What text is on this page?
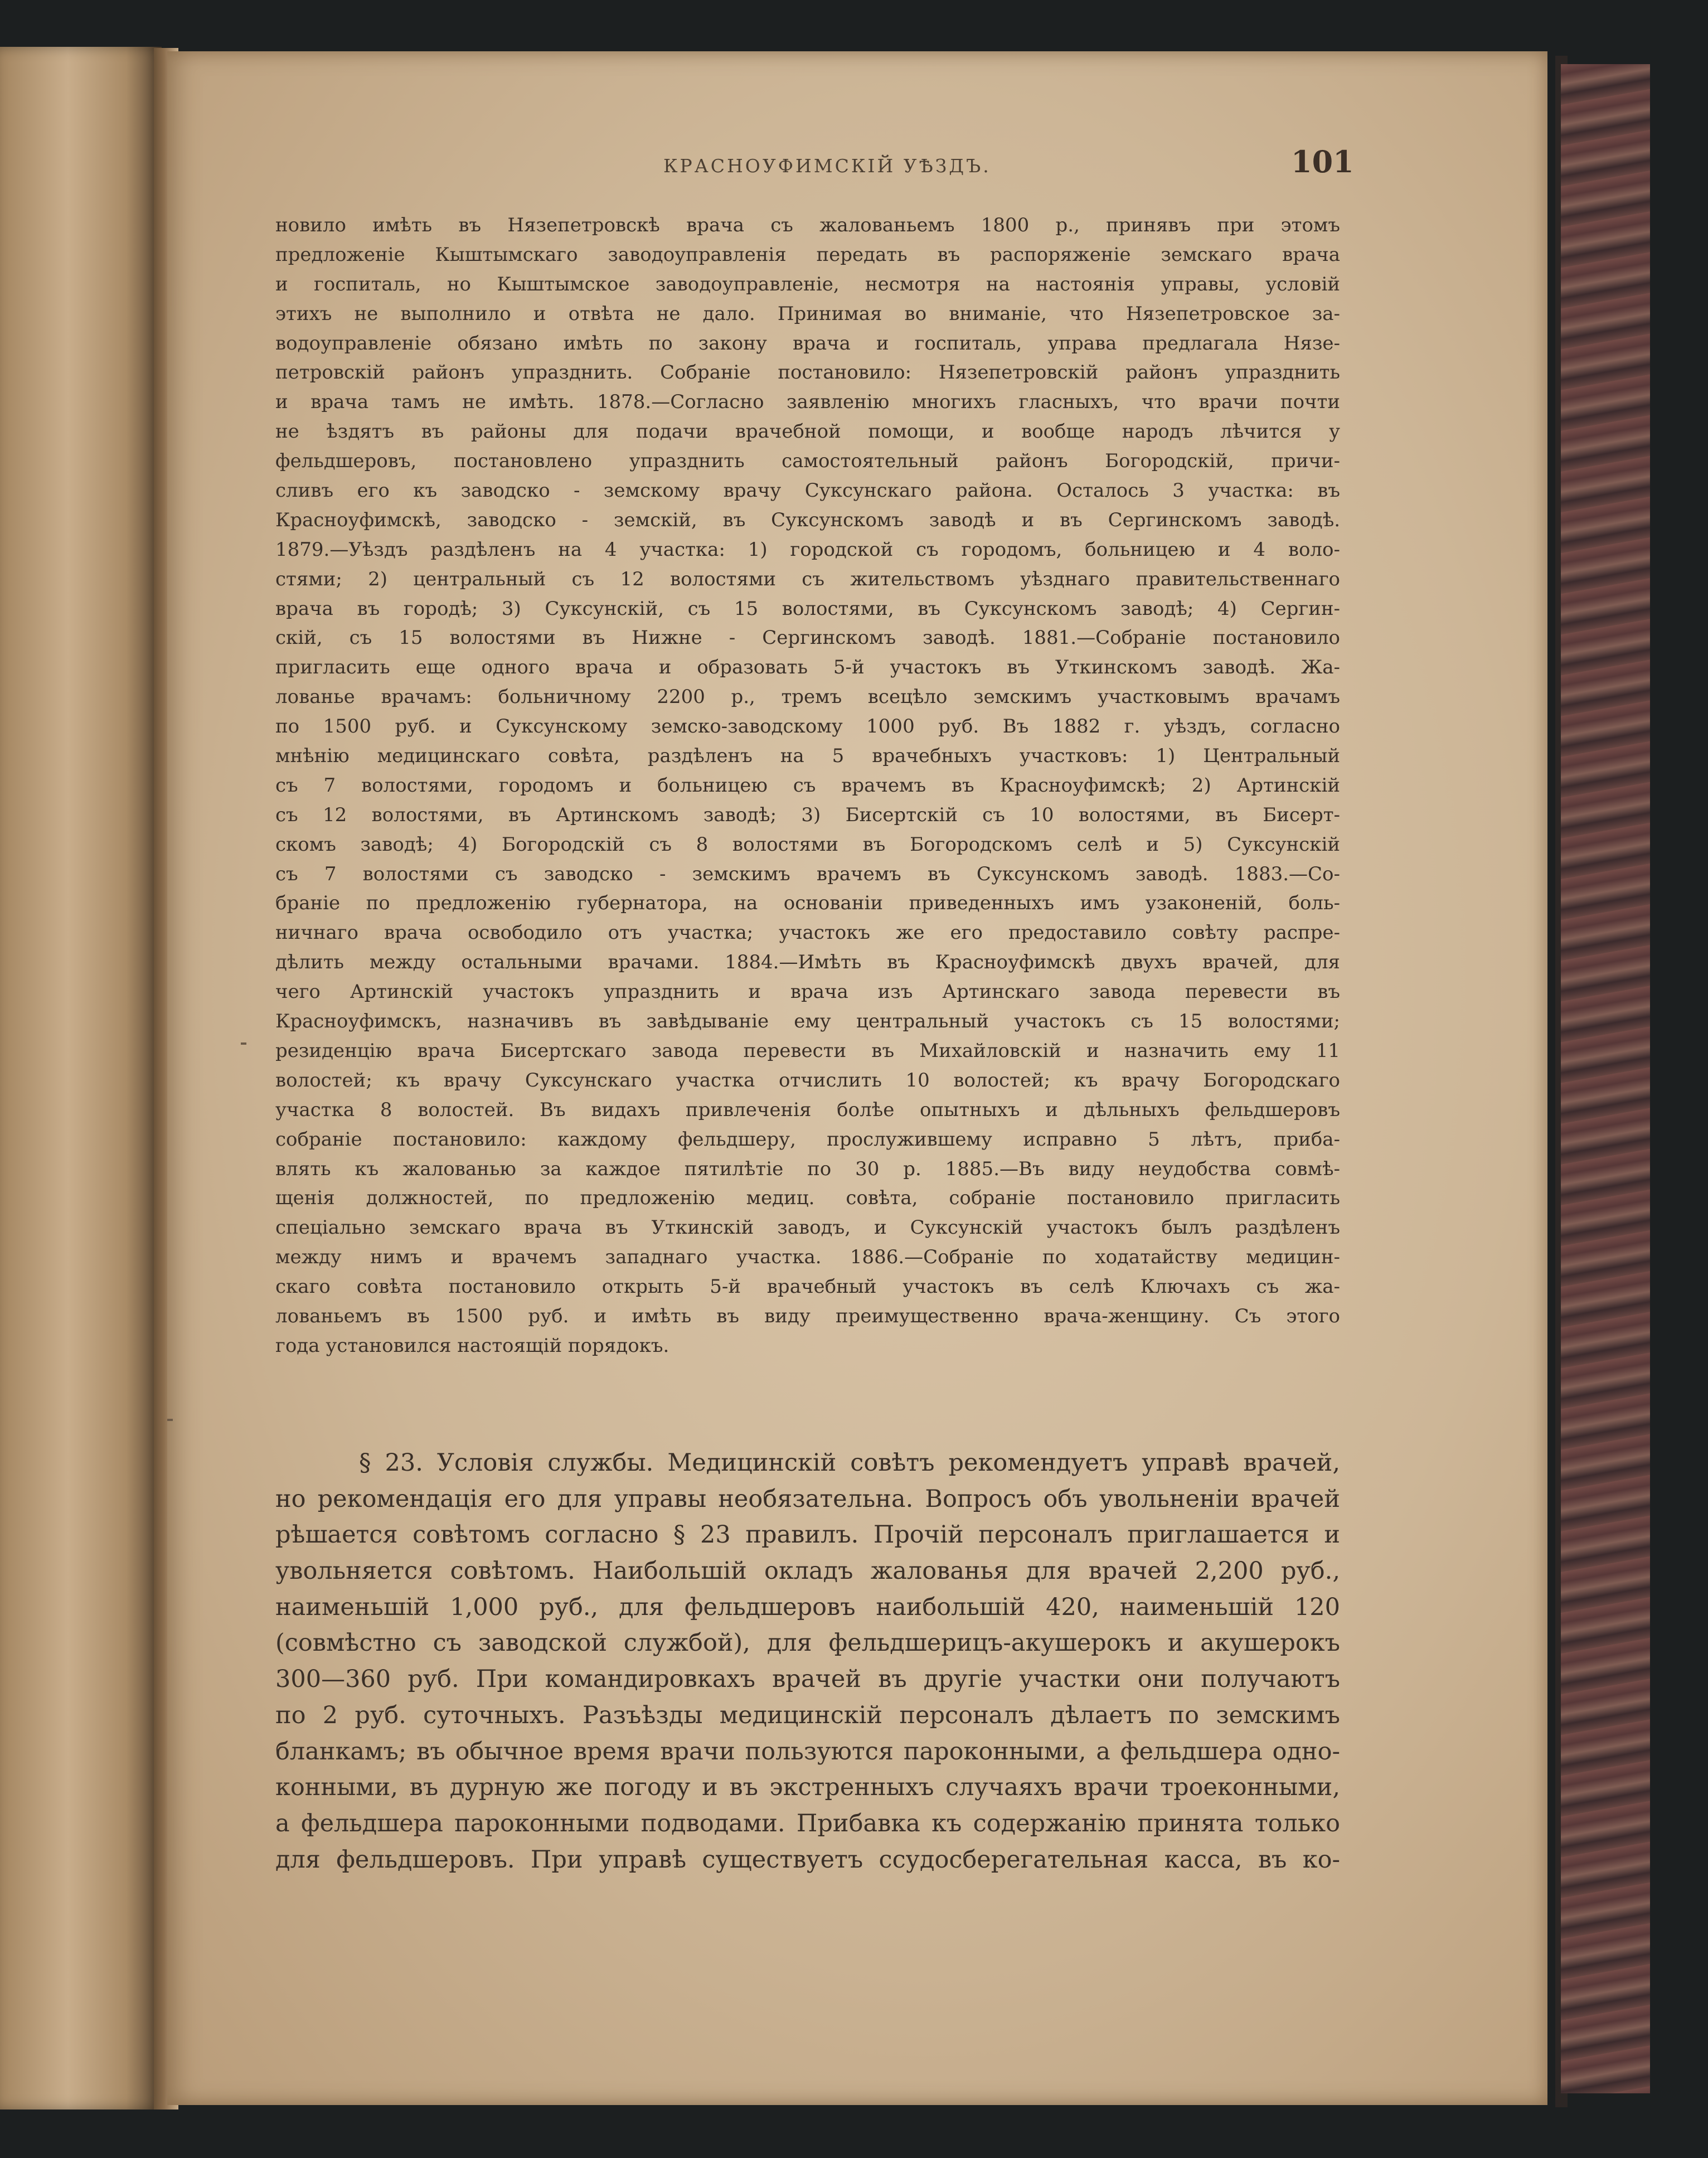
КРАСНОУФИМСКІЙ УѢЗДЪ.	101
новило имѣть въ Нязепетровскѣ врача съ жалованьемъ 1800 р., принявъ при этомъ
предложеніе Кыштымскаго заводоуправленія передать въ распоряженіе земскаго врача
и госпиталь, но Кыштымское заводоуправленіе, несмотря на настоянія управы, условій
этихъ не выполнило и отвѣта не дало. Принимая во вниманіе, что Нязепетровское за-
водоуправленіе обязано имѣть по закону врача и госпиталь, управа предлагала Нязе-
петровскій районъ упразднить. Собраніе постановило: Нязепетровскій районъ упразднить
и врача тамъ не имѣть. 1878.—Согласно заявленію многихъ гласныхъ, что врачи почти
не ѣздятъ въ районы для подачи врачебной помощи, и вообще народъ лѣчится у
фельдшеровъ, постановлено упразднить самостоятельный районъ Богородскій, причи-
сливъ его къ заводско - земскому врачу Суксунскаго района. Осталось 3 участка: въ
Красноуфимскѣ, заводско - земскій, въ Суксунскомъ заводѣ и въ Сергинскомъ заводѣ.
1879.—Уѣздъ раздѣленъ на 4 участка: 1) городской съ городомъ, больницею и 4 воло-
стями; 2) центральный съ 12 волостями съ жительствомъ уѣзднаго правительственнаго
врача въ городѣ; 3) Суксунскій, съ 15 волостями, въ Суксунскомъ заводѣ; 4) Сергин-
скій, съ 15 волостями въ Нижне - Сергинскомъ заводѣ. 1881.—Собраніе постановило
пригласить еще одного врача и образовать 5-й участокъ въ Уткинскомъ заводѣ. Жа-
лованье врачамъ: больничному 2200 р., тремъ всецѣло земскимъ участковымъ врачамъ
по 1500 руб. и Суксунскому земско-заводскому 1000 руб. Въ 1882 г. уѣздъ, согласно
мнѣнію медицинскаго совѣта, раздѣленъ на 5 врачебныхъ участковъ: 1) Центральный
съ 7 волостями, городомъ и больницею съ врачемъ въ Красноуфимскѣ; 2) Артинскій
съ 12 волостями, въ Артинскомъ заводѣ; 3) Бисертскій съ 10 волостями, въ Бисерт-
скомъ заводѣ; 4) Богородскій съ 8 волостями въ Богородскомъ селѣ и 5) Суксунскій
съ 7 волостями съ заводско - земскимъ врачемъ въ Суксунскомъ заводѣ. 1883.—Со-
браніе по предложенію губернатора, на основаніи приведенныхъ имъ узаконеній, боль-
ничнаго врача освободило отъ участка; участокъ же его предоставило совѣту распре-
дѣлить между остальными врачами. 1884.—Имѣть въ Красноуфимскѣ двухъ врачей, для
чего Артинскій участокъ упразднить и врача изъ Артинскаго завода перевести въ
Красноуфимскъ, назначивъ въ завѣдываніе ему центральный участокъ съ 15 волостями;
резиденцію врача Бисертскаго завода перевести въ Михайловскій и назначить ему 11
волостей; къ врачу Суксунскаго участка отчислить 10 волостей; къ врачу Богородскаго
участка 8 волостей. Въ видахъ привлеченія болѣе опытныхъ и дѣльныхъ фельдшеровъ
собраніе постановило: каждому фельдшеру, прослужившему исправно 5 лѣтъ, приба-
влять къ жалованью за каждое пятилѣтіе по 30 р. 1885.—Въ виду неудобства совмѣ-
щенія должностей, по предложенію медиц. совѣта, собраніе постановило пригласить
спеціально земскаго врача въ Уткинскій заводъ, и Суксунскій участокъ былъ раздѣленъ
между нимъ и врачемъ западнаго участка. 1886.—Собраніе по ходатайству медицин-
скаго совѣта постановило открыть 5-й врачебный участокъ въ селѣ Ключахъ съ жа-
лованьемъ въ 1500 руб. и имѣть въ виду преимущественно врача-женщину. Съ этого
года установился настоящій порядокъ.
§ 23. Условія службы. Медицинскій совѣтъ рекомендуетъ управѣ врачей,
но рекомендація его для управы необязательна. Вопросъ объ увольненіи врачей
рѣшается совѣтомъ согласно § 23 правилъ. Прочій персоналъ приглашается и
увольняется совѣтомъ. Наибольшій окладъ жалованья для врачей 2,200 руб.,
наименьшій 1,000 руб., для фельдшеровъ наибольшій 420, наименьшій 120
(совмѣстно съ заводской службой), для фельдшерицъ-акушерокъ и акушерокъ
300—360 руб. При командировкахъ врачей въ другіе участки они получаютъ
по 2 руб. суточныхъ. Разъѣзды медицинскій персоналъ дѣлаетъ по земскимъ
бланкамъ; въ обычное время врачи пользуются пароконными, а фельдшера одно-
конными, въ дурную же погоду и въ экстренныхъ случаяхъ врачи троеконными,
а фельдшера пароконными подводами. Прибавка къ содержанію принята только
для фельдшеровъ. При управѣ существуетъ ссудосберегательная касса, въ ко-
